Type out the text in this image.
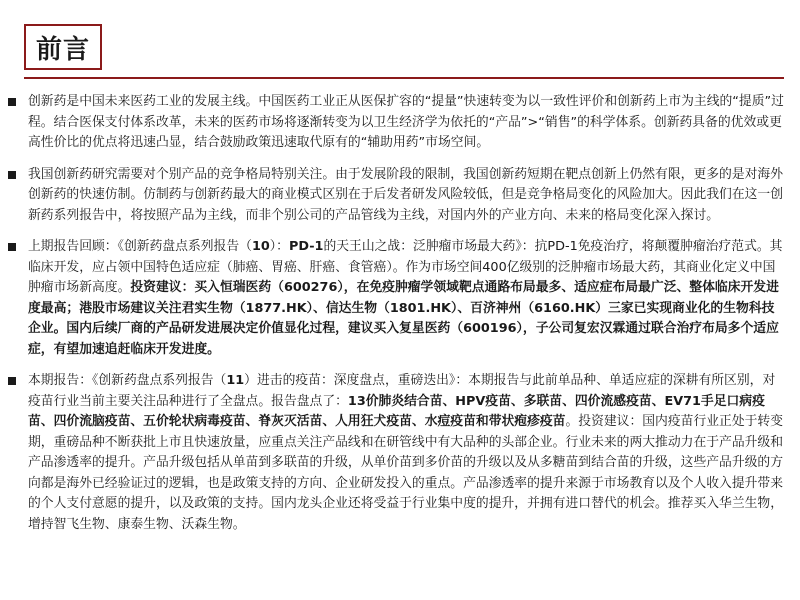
前言
创新药是中国未来医药工业的发展主线。中国医药工业正从医保扩容的“提量”快速转变为以一致性评价和创新药上市为主线的“提质”过程。结合医保支付体系改革，未来的医药市场将逐渐转变为以卫生经济学为依托的“产品”>“销售”的科学体系。创新药具备的优效或更高性价比的优点将迅速凸显，结合鼓励政策迅速取代原有的“辅助用药”市场空间。
我国创新药研究需要对个别产品的竞争格局特别关注。由于发展阶段的限制，我国创新药短期在靶点创新上仍然有限，更多的是对海外创新药的快速仿制。仿制药与创新药最大的商业模式区别在于后发者研发风险较低，但是竞争格局变化的风险加大。因此我们在这一创新药系列报告中，将按照产品为主线，而非个别公司的产品管线为主线，对国内外的产业方向、未来的格局变化深入探讨。
上期报告回顾：《创新药盘点系列报告（10）：PD-1的天王山之战：泛肿瘤市场最大药》：抗PD-1免疫治疗，将颠覆肿瘤治疗范式。其临床开发，应占领中国特色适应症（肺癌、胃癌、肝癌、食管癌）。作为市场空间400亿级别的泛肿瘤市场最大药，其商业化定义中国肿瘤市场新高度。投资建议：买入恒瑞医药（600276），在免疫肿瘤学领域靶点通路布局最多、适应症布局最广泛、整体临床开发进度最高；港股市场建议关注君实生物（1877.HK）、信达生物（1801.HK）、百济神州（6160.HK）三家已实现商业化的生物科技企业。国内后续厂商的产品研发进展决定价值显化过程，建议买入复星医药（600196），子公司复宏汉霖通过联合治疗布局多个适应症，有望加速追赶临床开发进度。
本期报告：《创新药盘点系列报告（11）进击的疫苗：深度盘点，重磅迭出》：本期报告与此前单品种、单适应症的深耕有所区别，对疫苗行业当前主要关注品种进行了全盘点。报告盘点了：13价肺炎结合苗、HPV疫苗、多联苗、四价流感疫苗、EV71手足口病疫苗、四价流脑疫苗、五价轮状病毒疫苗、脊灰灭活苗、人用狂犬疫苗、水痘疫苗和带状疱疹疫苗。投资建议：国内疫苗行业正处于转变期，重磅品种不断获批上市且快速放量，应重点关注产品线和在研管线中有大品种的头部企业。行业未来的两大推动力在于产品升级和产品渗透率的提升。产品升级包括从单苗到多联苗的升级，从单价苗到多价苗的升级以及从多糖苗到结合苗的升级，这些产品升级的方向都是海外已经验证过的逻辑，也是政策支持的方向、企业研发投入的重点。产品渗透率的提升来源于市场教育以及个人收入提升带来的个人支付意愿的提升，以及政策的支持。国内龙头企业还将受益于行业集中度的提升，并拥有进口替代的机会。推荐买入华兰生物，增持智飞生物、康泰生物、沃森生物。
